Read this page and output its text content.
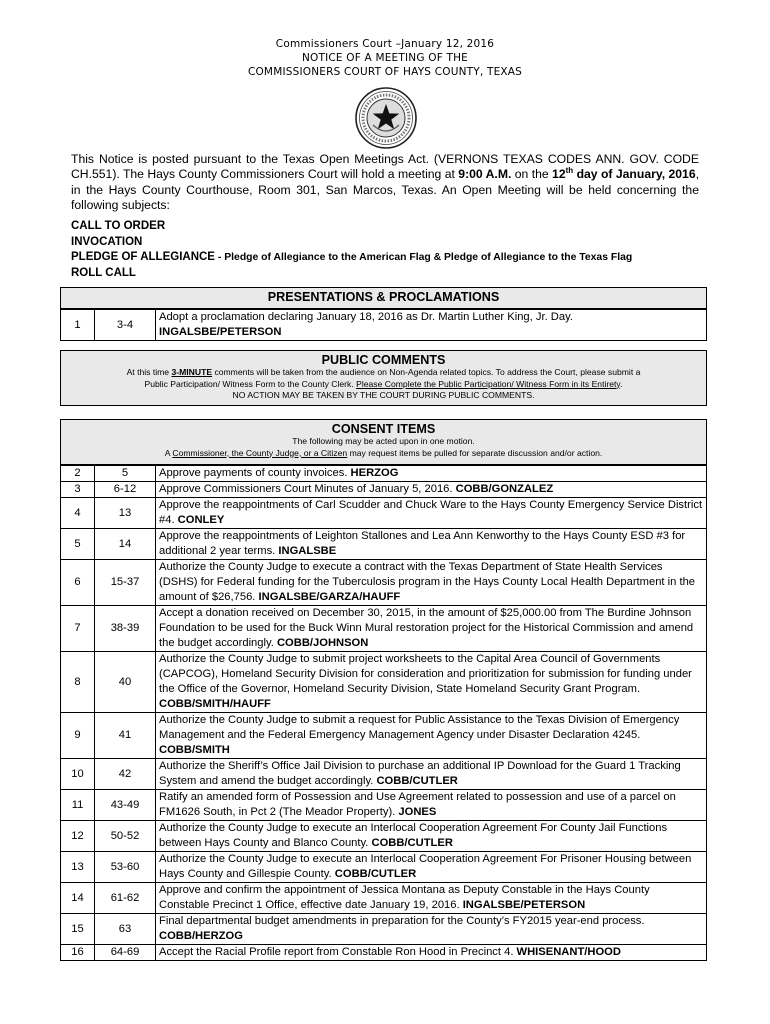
Commissioners Court –January 12, 2016
NOTICE OF A MEETING OF THE
COMMISSIONERS COURT OF HAYS COUNTY, TEXAS
This Notice is posted pursuant to the Texas Open Meetings Act. (VERNONS TEXAS CODES ANN. GOV. CODE CH.551). The Hays County Commissioners Court will hold a meeting at 9:00 A.M. on the 12th day of January, 2016, in the Hays County Courthouse, Room 301, San Marcos, Texas. An Open Meeting will be held concerning the following subjects:
CALL TO ORDER
INVOCATION
PLEDGE OF ALLEGIANCE - Pledge of Allegiance to the American Flag & Pledge of Allegiance to the Texas Flag
ROLL CALL
PRESENTATIONS & PROCLAMATIONS
1	3-4	Adopt a proclamation declaring January 18, 2016 as Dr. Martin Luther King, Jr. Day.
INGALSBE/PETERSON
PUBLIC COMMENTS
At this time 3-MINUTE comments will be taken from the audience on Non-Agenda related topics. To address the Court, please submit a
Public Participation/ Witness Form to the County Clerk. Please Complete the Public Participation/ Witness Form in its Entirety.
NO ACTION MAY BE TAKEN BY THE COURT DURING PUBLIC COMMENTS.
CONSENT ITEMS
The following may be acted upon in one motion.
A Commissioner, the County Judge, or a Citizen may request items be pulled for separate discussion and/or action.
2	5	Approve payments of county invoices. HERZOG
3	6-12	Approve Commissioners Court Minutes of January 5, 2016. COBB/GONZALEZ
4	13	Approve the reappointments of Carl Scudder and Chuck Ware to the Hays County Emergency Service District #4. CONLEY
5	14	Approve the reappointments of Leighton Stallones and Lea Ann Kenworthy to the Hays County ESD #3 for additional 2 year terms. INGALSBE
6	15-37	Authorize the County Judge to execute a contract with the Texas Department of State Health Services (DSHS) for Federal funding for the Tuberculosis program in the Hays County Local Health Department in the amount of $26,756. INGALSBE/GARZA/HAUFF
7	38-39	Accept a donation received on December 30, 2015, in the amount of $25,000.00 from The Burdine Johnson Foundation to be used for the Buck Winn Mural restoration project for the Historical Commission and amend the budget accordingly. COBB/JOHNSON
8	40	Authorize the County Judge to submit project worksheets to the Capital Area Council of Governments (CAPCOG), Homeland Security Division for consideration and prioritization for submission for funding under the Office of the Governor, Homeland Security Division, State Homeland Security Grant Program. COBB/SMITH/HAUFF
9	41	Authorize the County Judge to submit a request for Public Assistance to the Texas Division of Emergency Management and the Federal Emergency Management Agency under Disaster Declaration 4245. COBB/SMITH
10	42	Authorize the Sheriff’s Office Jail Division to purchase an additional IP Download for the Guard 1 Tracking System and amend the budget accordingly. COBB/CUTLER
11	43-49	Ratify an amended form of Possession and Use Agreement related to possession and use of a parcel on FM1626 South, in Pct 2 (The Meador Property). JONES
12	50-52	Authorize the County Judge to execute an Interlocal Cooperation Agreement For County Jail Functions between Hays County and Blanco County. COBB/CUTLER
13	53-60	Authorize the County Judge to execute an Interlocal Cooperation Agreement For Prisoner Housing between Hays County and Gillespie County. COBB/CUTLER
14	61-62	Approve and confirm the appointment of Jessica Montana as Deputy Constable in the Hays County Constable Precinct 1 Office, effective date January 19, 2016. INGALSBE/PETERSON
15	63	Final departmental budget amendments in preparation for the County’s FY2015 year-end process. COBB/HERZOG
16	64-69	Accept the Racial Profile report from Constable Ron Hood in Precinct 4. WHISENANT/HOOD
